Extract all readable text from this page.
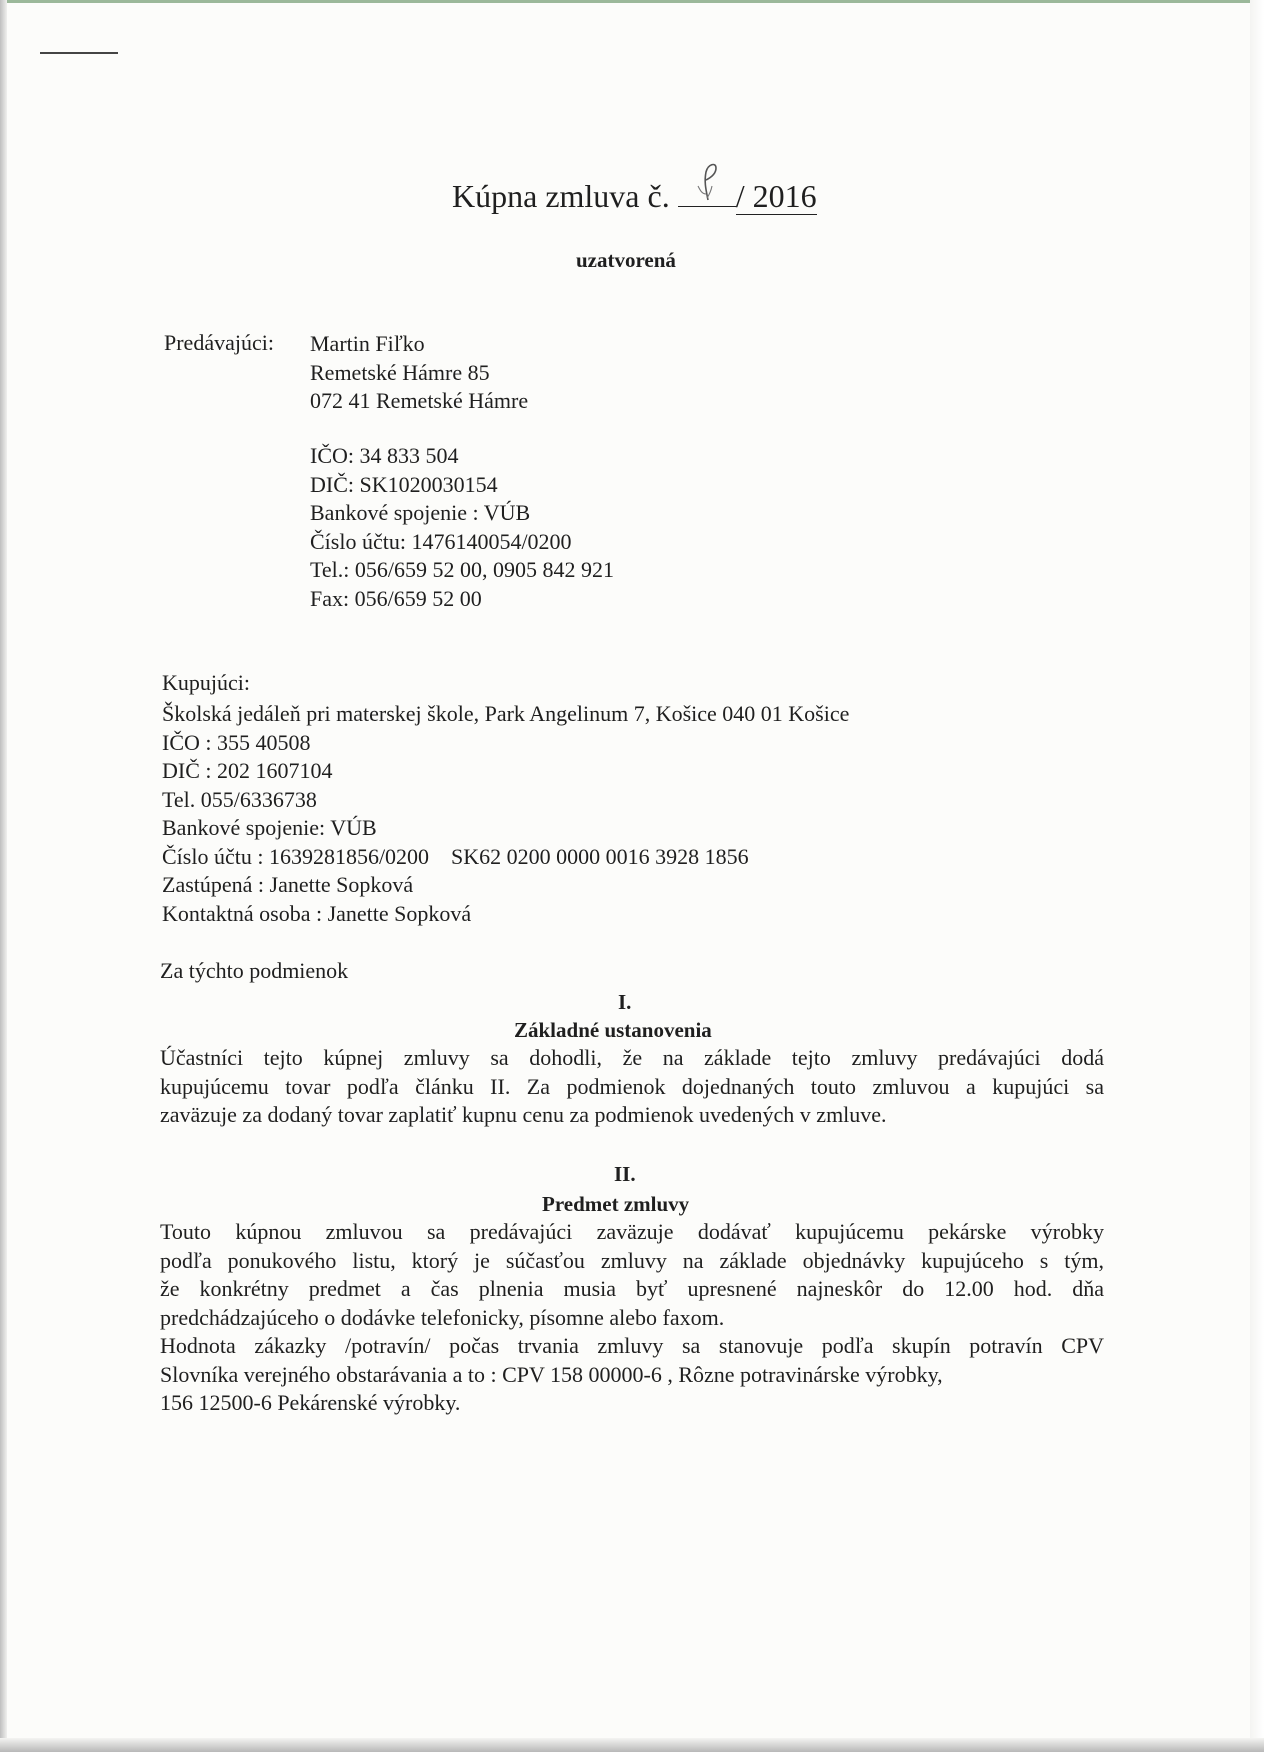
Kúpna zmluva č. / 2016
uzatvorená
Predávajúci: Martin Fiľko
Remetské Hámre 85
072 41 Remetské Hámre
IČO: 34 833 504
DIČ: SK1020030154
Bankové spojenie : VÚB
Číslo účtu: 1476140054/0200
Tel.: 056/659 52 00, 0905 842 921
Fax: 056/659 52 00
Kupujúci:
Školská jedáleň pri materskej škole, Park Angelinum 7, Košice 040 01 Košice
IČO : 355 40508
DIČ : 202 1607104
Tel. 055/6336738
Bankové spojenie: VÚB
Číslo účtu : 1639281856/0200    SK62 0200 0000 0016 3928 1856
Zastúpená : Janette Sopková
Kontaktná osoba : Janette Sopková
Za týchto podmienok
I.
Základné ustanovenia
Účastníci tejto kúpnej zmluvy sa dohodli, že na základe tejto zmluvy predávajúci dodá
kupujúcemu tovar podľa článku II. Za podmienok dojednaných touto zmluvou a kupujúci sa
zaväzuje za dodaný tovar zaplatiť kupnu cenu za podmienok uvedených v zmluve.
II.
Predmet zmluvy
Touto kúpnou zmluvou sa predávajúci zaväzuje dodávať kupujúcemu pekárske výrobky
podľa ponukového listu, ktorý je súčasťou zmluvy na základe objednávky kupujúceho s tým,
že konkrétny predmet a čas plnenia musia byť upresnené najneskôr do 12.00 hod. dňa
predchádzajúceho o dodávke telefonicky, písomne alebo faxom.
Hodnota zákazky /potravín/ počas trvania zmluvy sa stanovuje podľa skupín potravín CPV
Slovníka verejného obstarávania a to : CPV 158 00000-6 , Rôzne potravinárske výrobky,
156 12500-6 Pekárenské výrobky.
